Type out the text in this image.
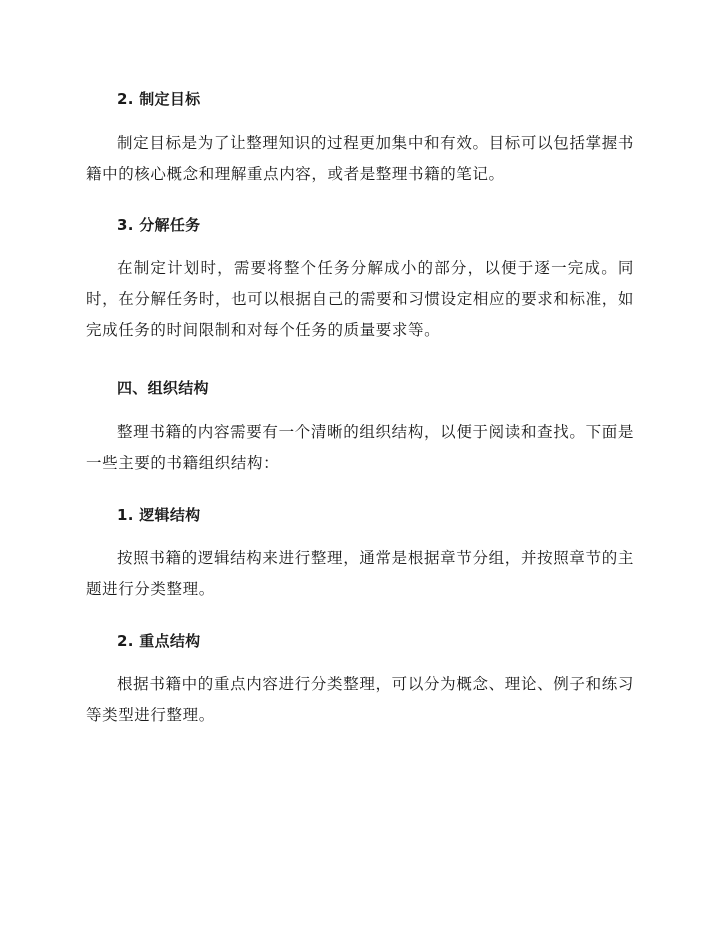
2. 制定目标

制定目标是为了让整理知识的过程更加集中和有效。目标可以包括掌握书籍中的核心概念和理解重点内容，或者是整理书籍的笔记。

3. 分解任务

在制定计划时，需要将整个任务分解成小的部分，以便于逐一完成。同时，在分解任务时，也可以根据自己的需要和习惯设定相应的要求和标准，如完成任务的时间限制和对每个任务的质量要求等。

四、组织结构

整理书籍的内容需要有一个清晰的组织结构，以便于阅读和查找。下面是一些主要的书籍组织结构：

1. 逻辑结构

按照书籍的逻辑结构来进行整理，通常是根据章节分组，并按照章节的主题进行分类整理。

2. 重点结构

根据书籍中的重点内容进行分类整理，可以分为概念、理论、例子和练习等类型进行整理。
